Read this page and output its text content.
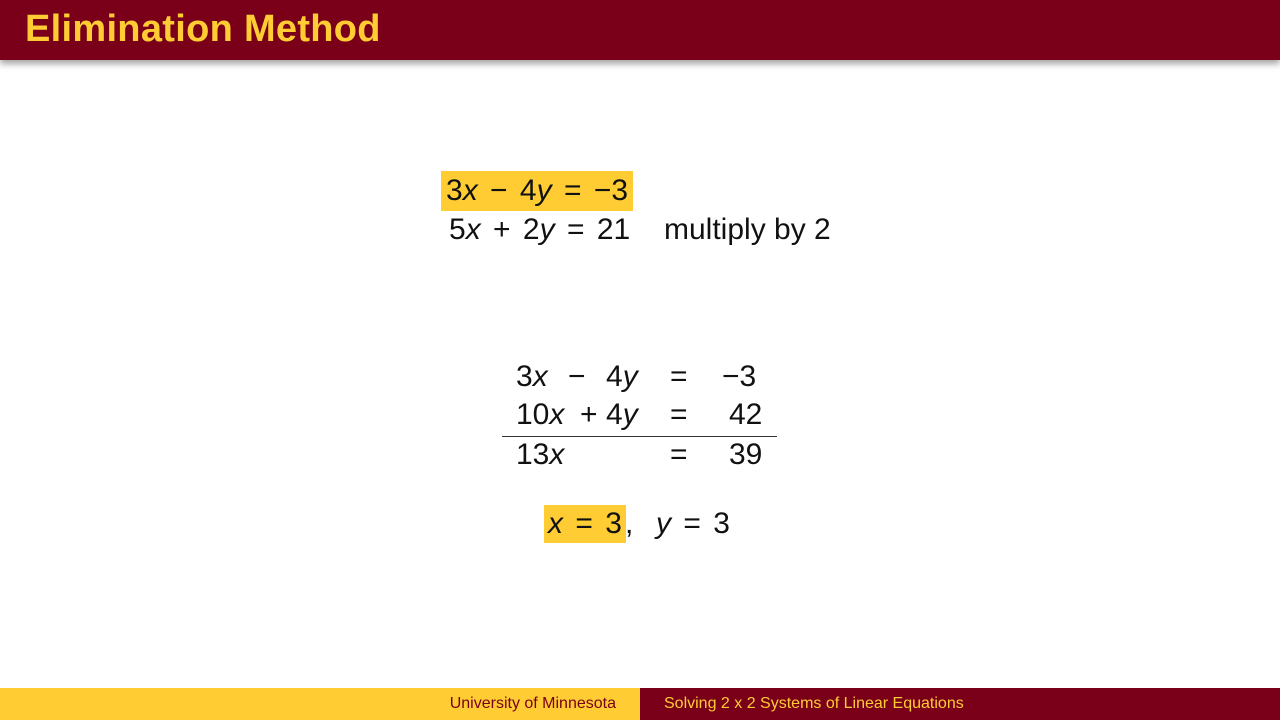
Elimination Method
3x − 4y = −3
5x + 2y = 21 multiply by 2
3x − 4y = −3
10x + 4y = 42
13x	= 39
x = 3 , y = 3
University of Minnesota	Solving 2 x 2 Systems of Linear Equations
